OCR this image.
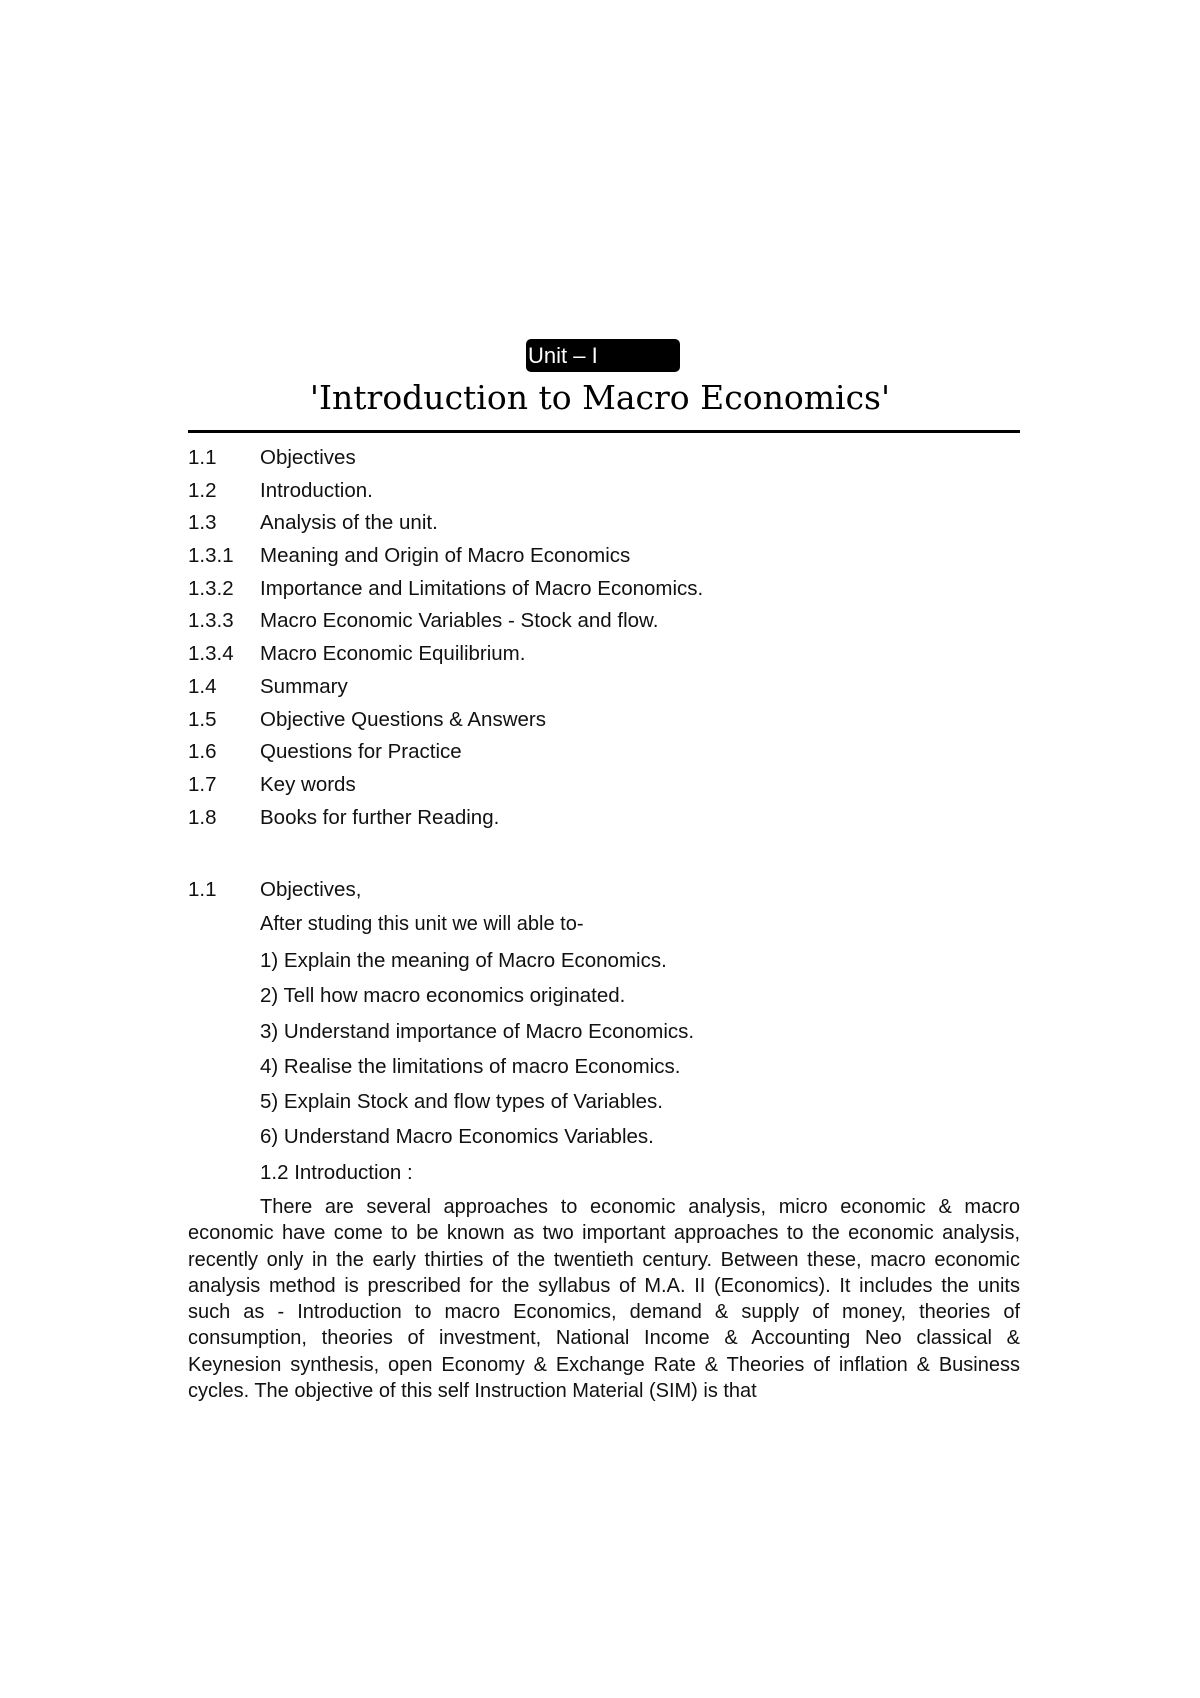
Unit – I
'Introduction to Macro Economics'
1.1 Objectives
1.2 Introduction.
1.3 Analysis of the unit.
1.3.1 Meaning and Origin of Macro Economics
1.3.2 Importance and Limitations of Macro Economics.
1.3.3 Macro Economic Variables - Stock and flow.
1.3.4 Macro Economic Equilibrium.
1.4 Summary
1.5 Objective Questions & Answers
1.6 Questions for Practice
1.7 Key words
1.8 Books for further Reading.
1.1 Objectives,
After studing this unit we will able to-
1) Explain the meaning of Macro Economics.
2) Tell how macro economics originated.
3) Understand importance of Macro Economics.
4) Realise the limitations of macro Economics.
5) Explain Stock and flow types of Variables.
6) Understand Macro Economics Variables.
1.2 Introduction :

There are several approaches to economic analysis, micro economic & macro economic have come to be known as two important approaches to the economic analysis, recently only in the early thirties of the twentieth century. Between these, macro economic analysis method is prescribed for the syllabus of M.A. II (Economics). It includes the units such as - Introduction to macro Economics, demand & supply of money, theories of consumption, theories of investment, National Income & Accounting Neo classical & Keynesion synthesis, open Economy & Exchange Rate & Theories of inflation & Business cycles. The objective of this self Instruction Material (SIM) is that
